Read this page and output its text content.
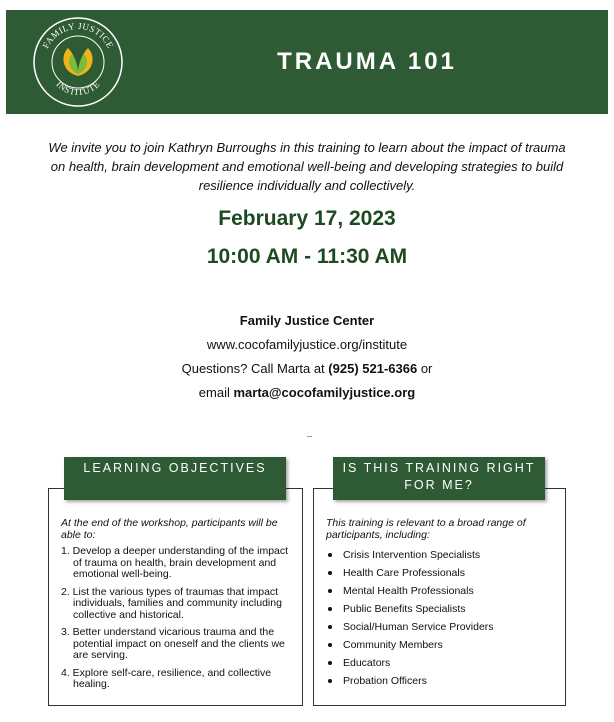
FAMILY JUSTICE
INSTITUTE
TRAUMA 101
We invite you to join Kathryn Burroughs in this training to learn about the impact of trauma on health, brain development and emotional well-being and developing strategies to build resilience individually and collectively.
February 17, 2023
10:00 AM - 11:30 AM
Family Justice Center
www.cocofamilyjustice.org/institute
Questions? Call Marta at (925) 521-6366 or
email marta@cocofamilyjustice.org

At the end of the workshop, participants will be able to:

1. Develop a deeper understanding of the impact of trauma on health, brain development and emotional well-being.
2. List the various types of traumas that impact individuals, families and community including collective and historical.
3. Better understand vicarious trauma and the potential impact on oneself and the clients we are serving.
4. Explore self-care, resilience, and collective healing.
LEARNING OBJECTIVES

This training is relevant to a broad range of participants, including:

Crisis Intervention Specialists
Health Care Professionals
Mental Health Professionals
Public Benefits Specialists
Social/Human Service Providers
Community Members
Educators
Probation Officers
IS THIS TRAINING RIGHT FOR ME?
